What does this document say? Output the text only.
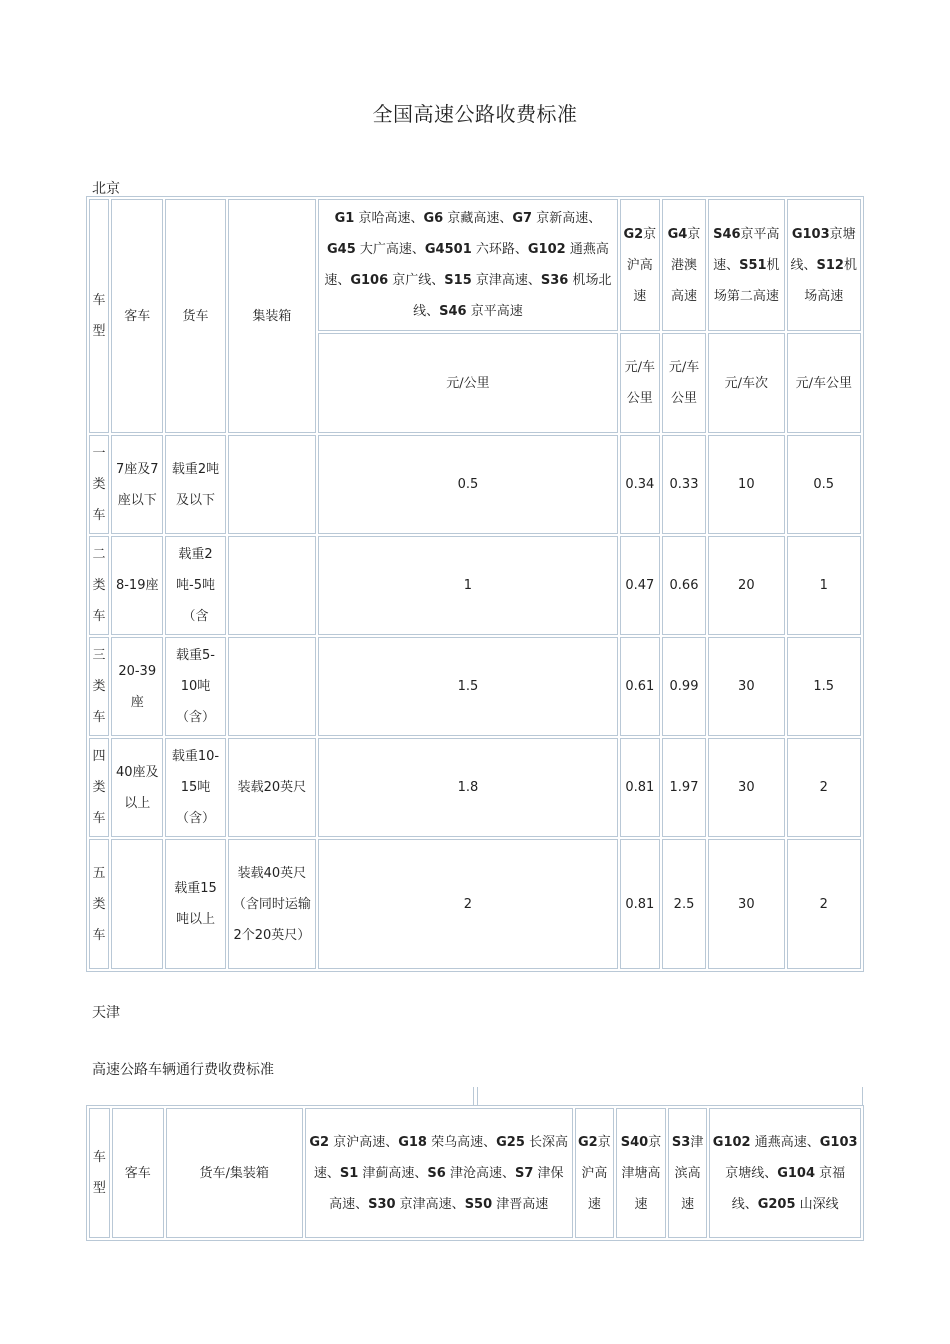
全国高速公路收费标准
北京
车型	客车	货车	集装箱	G1 京哈高速、G6 京藏高速、G7 京新高速、G45 大广高速、G4501 六环路、G102 通燕高速、G106 京广线、S15 京津高速、S36 机场北线、S46 京平高速	G2京沪高速	G4京港澳高速	S46京平高速、S51机场第二高速	G103京塘线、S12机场高速
				元/公里	元/车公里	元/车公里	元/车次	元/车公里
一类车	7座及7座以下	载重2吨及以下		0.5	0.34	0.33	10	0.5
二类车	8-19座	载重2吨-5吨（含		1	0.47	0.66	20	1
三类车	20-39座	载重5-10吨（含）		1.5	0.61	0.99	30	1.5
四类车	40座及以上	载重10-15吨（含）	装载20英尺	1.8	0.81	1.97	30	2
五类车		载重15吨以上	装载40英尺（含同时运输2个20英尺）	2	0.81	2.5	30	2
天津
高速公路车辆通行费收费标准
车型	客车	货车/集装箱	G2 京沪高速、G18 荣乌高速、G25 长深高速、S1 津蓟高速、S6 津沧高速、S7 津保高速、S30 京津高速、S50 津晋高速	G2京沪高速	S40京津塘高速	S3津滨高速	G102 通燕高速、G103 京塘线、G104 京福线、G205 山深线
